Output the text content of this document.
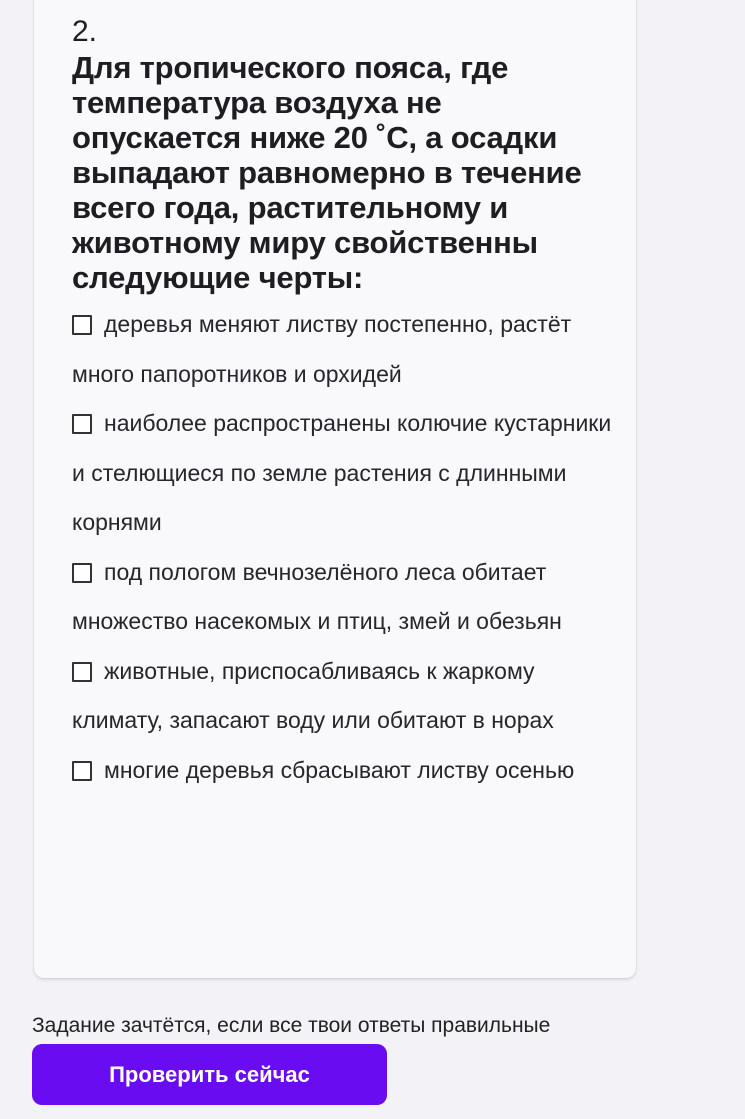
2.
Для тропического пояса, где температура воздуха не опускается ниже 20 ˚С, а осадки выпадают равномерно в течение всего года, растительному и животному миру свойственны следующие черты:
деревья меняют листву постепенно, растёт много папоротников и орхидей
наиболее распространены колючие кустарники и стелющиеся по земле растения с длинными корнями
под пологом вечнозелёного леса обитает множество насекомых и птиц, змей и обезьян
животные, приспосабливаясь к жаркому климату, запасают воду или обитают в норах
многие деревья сбрасывают листву осенью
Задание зачтётся, если все твои ответы правильные
Проверить сейчас
